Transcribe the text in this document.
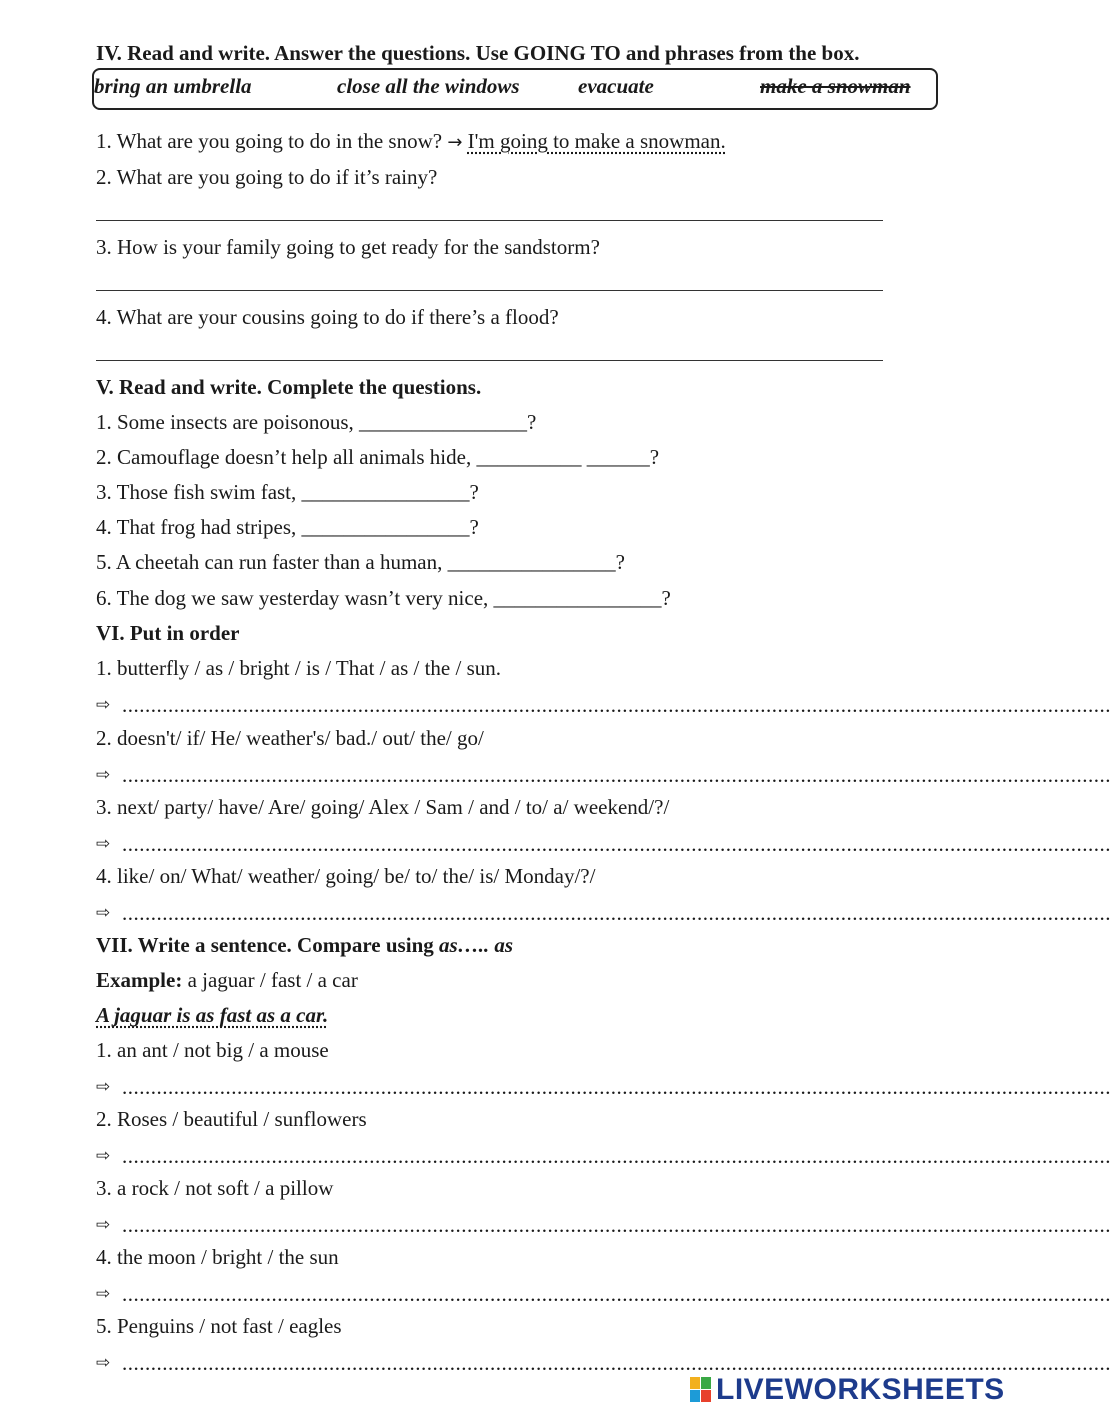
IV. Read and write. Answer the questions. Use GOING TO and phrases from the box.
bring an umbrella	close all the windows	evacuate	make a snowman
1. What are you going to do in the snow? → I'm going to make a snowman.
2. What are you going to do if it’s rainy?
3. How is your family going to get ready for the sandstorm?
4. What are your cousins going to do if there’s a flood?
V. Read and write. Complete the questions.
1. Some insects are poisonous, ________________?
2. Camouflage doesn’t help all animals hide, __________ ______?
3. Those fish swim fast, ________________?
4. That frog had stripes, ________________?
5. A cheetah can run faster than a human, ________________?
6. The dog we saw yesterday wasn’t very nice, ________________?
VI. Put in order
1. butterfly / as / bright / is / That / as / the / sun.
⇨ ............................................................................................................................................................................
2. doesn't/ if/ He/ weather's/ bad./ out/ the/ go/
⇨ ............................................................................................................................................................................
3. next/ party/ have/ Are/ going/ Alex / Sam / and / to/ a/ weekend/?/
⇨ ............................................................................................................................................................................
4. like/ on/ What/ weather/ going/ be/ to/ the/ is/ Monday/?/
⇨ ............................................................................................................................................................................
VII. Write a sentence. Compare using as….. as
Example: a jaguar / fast / a car
A jaguar is as fast as a car.
1. an ant / not big / a mouse
⇨ ............................................................................................................................................................................
2. Roses / beautiful / sunflowers
⇨ ............................................................................................................................................................................
3. a rock / not soft / a pillow
⇨ ............................................................................................................................................................................
4. the moon / bright / the sun
⇨ ............................................................................................................................................................................
5. Penguins / not fast / eagles
⇨ ............................................................................................................................................................................
LIVEWORKSHEETS
